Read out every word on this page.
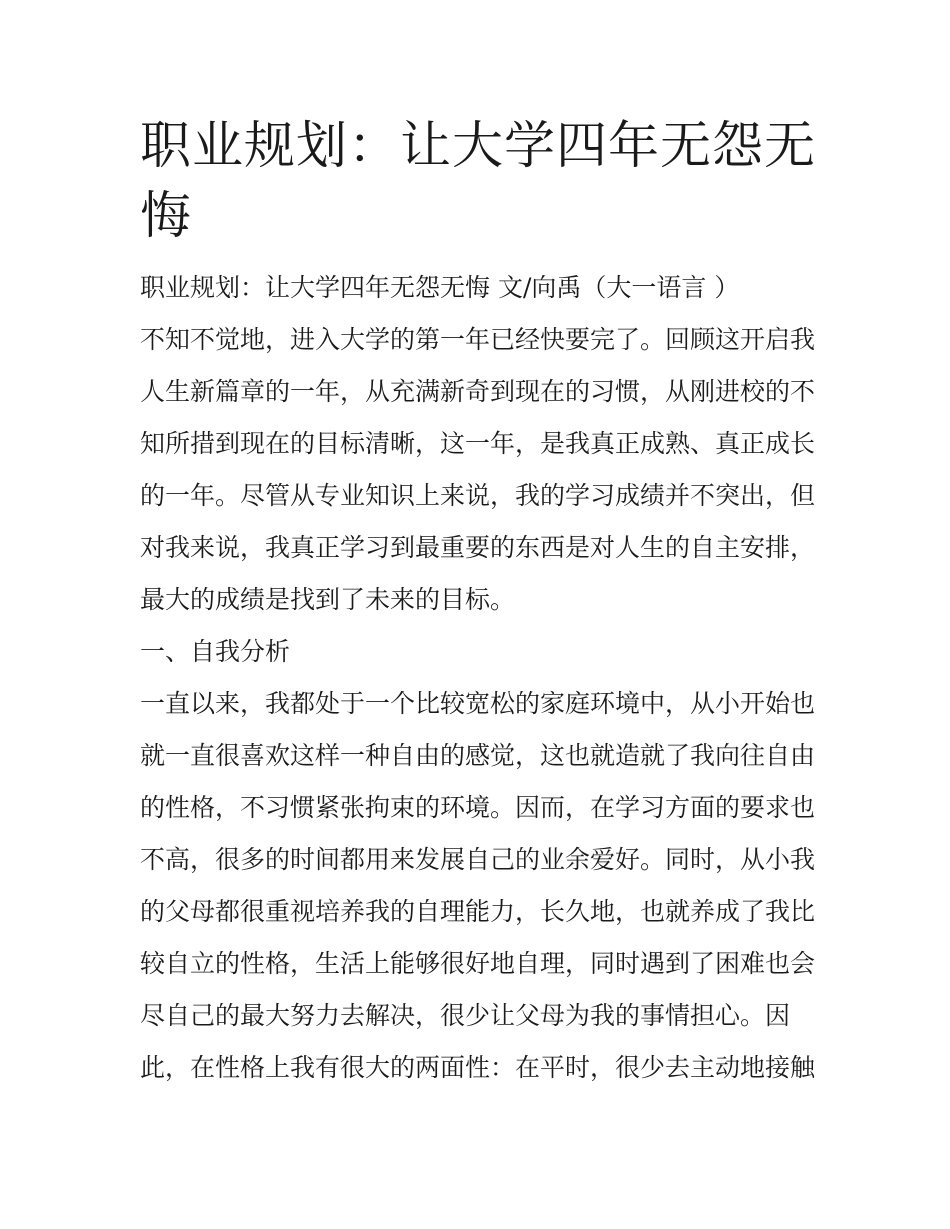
职业规划：让大学四年无怨无
悔
职业规划：让大学四年无怨无悔 文/向禹（大一语言 ）
不知不觉地，进入大学的第一年已经快要完了。回顾这开启我
人生新篇章的一年，从充满新奇到现在的习惯，从刚进校的不
知所措到现在的目标清晰，这一年，是我真正成熟、真正成长
的一年。尽管从专业知识上来说，我的学习成绩并不突出，但
对我来说，我真正学习到最重要的东西是对人生的自主安排，
最大的成绩是找到了未来的目标。
一、自我分析
一直以来，我都处于一个比较宽松的家庭环境中，从小开始也
就一直很喜欢这样一种自由的感觉，这也就造就了我向往自由
的性格，不习惯紧张拘束的环境。因而，在学习方面的要求也
不高，很多的时间都用来发展自己的业余爱好。同时，从小我
的父母都很重视培养我的自理能力，长久地，也就养成了我比
较自立的性格，生活上能够很好地自理，同时遇到了困难也会
尽自己的最大努力去解决，很少让父母为我的事情担心。因
此，在性格上我有很大的两面性：在平时，很少去主动地接触
